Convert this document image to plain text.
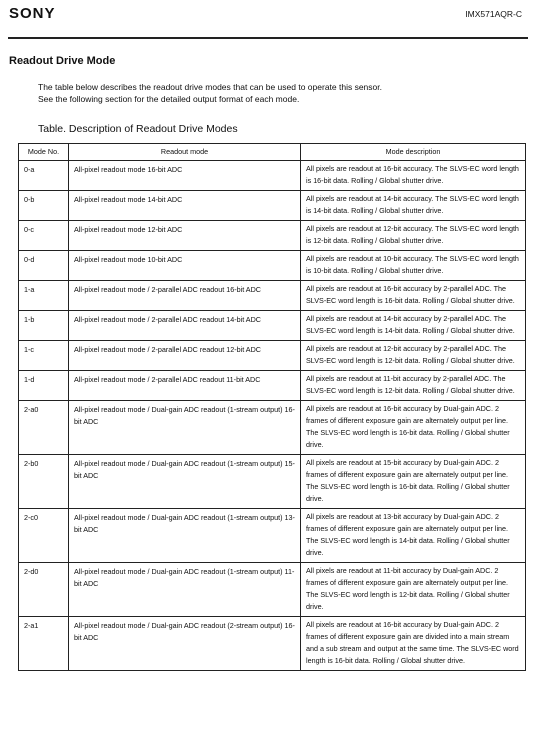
SONY	IMX571AQR-C
Readout Drive Mode
The table below describes the readout drive modes that can be used to operate this sensor.
See the following section for the detailed output format of each mode.
Table. Description of Readout Drive Modes
Mode No.	Readout mode	Mode description
0-a	All-pixel readout mode 16-bit ADC	All pixels are readout at 16-bit accuracy. The SLVS-EC word length is 16-bit data. Rolling / Global shutter drive.
0-b	All-pixel readout mode 14-bit ADC	All pixels are readout at 14-bit accuracy. The SLVS-EC word length is 14-bit data. Rolling / Global shutter drive.
0-c	All-pixel readout mode 12-bit ADC	All pixels are readout at 12-bit accuracy. The SLVS-EC word length is 12-bit data. Rolling / Global shutter drive.
0-d	All-pixel readout mode 10-bit ADC	All pixels are readout at 10-bit accuracy. The SLVS-EC word length is 10-bit data. Rolling / Global shutter drive.
1-a	All-pixel readout mode / 2-parallel ADC readout 16-bit ADC	All pixels are readout at 16-bit accuracy by 2-parallel ADC. The SLVS-EC word length is 16-bit data. Rolling / Global shutter drive.
1-b	All-pixel readout mode / 2-parallel ADC readout 14-bit ADC	All pixels are readout at 14-bit accuracy by 2-parallel ADC. The SLVS-EC word length is 14-bit data. Rolling / Global shutter drive.
1-c	All-pixel readout mode / 2-parallel ADC readout 12-bit ADC	All pixels are readout at 12-bit accuracy by 2-parallel ADC. The SLVS-EC word length is 12-bit data. Rolling / Global shutter drive.
1-d	All-pixel readout mode / 2-parallel ADC readout 11-bit ADC	All pixels are readout at 11-bit accuracy by 2-parallel ADC. The SLVS-EC word length is 12-bit data. Rolling / Global shutter drive.
2-a0	All-pixel readout mode / Dual-gain ADC readout (1-stream output) 16-bit ADC	All pixels are readout at 16-bit accuracy by Dual-gain ADC. 2 frames of different exposure gain are alternately output per line. The SLVS-EC word length is 16-bit data. Rolling / Global shutter drive.
2-b0	All-pixel readout mode / Dual-gain ADC readout (1-stream output) 15-bit ADC	All pixels are readout at 15-bit accuracy by Dual-gain ADC. 2 frames of different exposure gain are alternately output per line. The SLVS-EC word length is 16-bit data. Rolling / Global shutter drive.
2-c0	All-pixel readout mode / Dual-gain ADC readout (1-stream output) 13-bit ADC	All pixels are readout at 13-bit accuracy by Dual-gain ADC. 2 frames of different exposure gain are alternately output per line. The SLVS-EC word length is 14-bit data. Rolling / Global shutter drive.
2-d0	All-pixel readout mode / Dual-gain ADC readout (1-stream output) 11-bit ADC	All pixels are readout at 11-bit accuracy by Dual-gain ADC. 2 frames of different exposure gain are alternately output per line. The SLVS-EC word length is 12-bit data. Rolling / Global shutter drive.
2-a1	All-pixel readout mode / Dual-gain ADC readout (2-stream output) 16-bit ADC	All pixels are readout at 16-bit accuracy by Dual-gain ADC. 2 frames of different exposure gain are divided into a main stream and a sub stream and output at the same time. The SLVS-EC word length is 16-bit data. Rolling / Global shutter drive.
